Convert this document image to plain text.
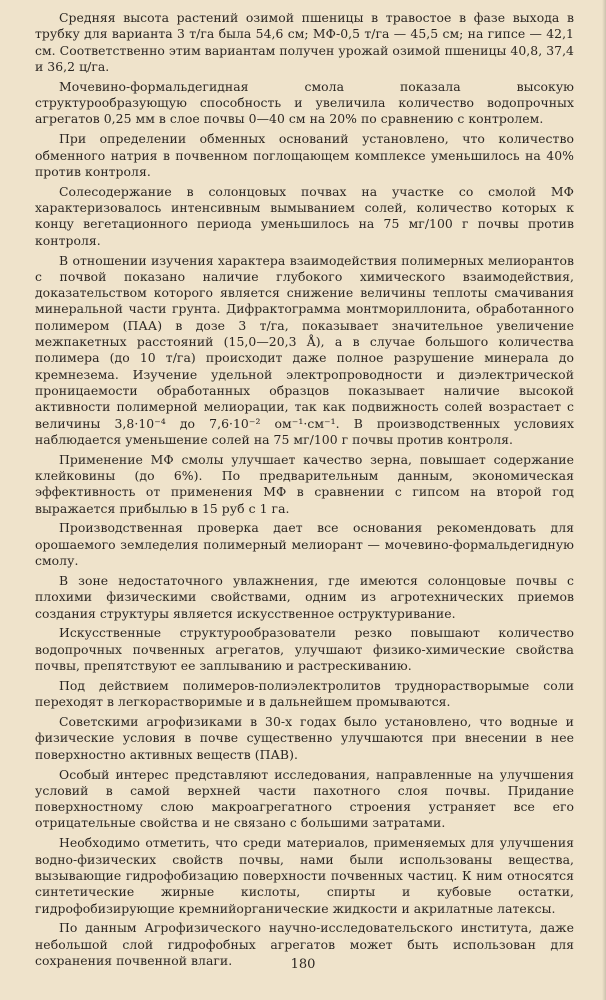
Средняя высота растений озимой пшеницы в травостое в фазе выхода в трубку для варианта 3 т/га была 54,6 см; МФ-0,5 т/га — 45,5 см; на гипсе — 42,1 см. Соответственно этим вариантам получен урожай озимой пшеницы 40,8, 37,4 и 36,2 ц/га.

Мочевино-формальдегидная смола показала высокую структурообразующую способность и увеличила количество водопрочных агрегатов 0,25 мм в слое почвы 0—40 см на 20% по сравнению с контролем.

При определении обменных оснований установлено, что количество обменного натрия в почвенном поглощающем комплексе уменьшилось на 40% против контроля.

Солесодержание в солонцовых почвах на участке со смолой МФ характеризовалось интенсивным вымыванием солей, количество которых к концу вегетационного периода уменьшилось на 75 мг/100 г почвы против контроля.

В отношении изучения характера взаимодействия полимерных мелиорантов с почвой показано наличие глубокого химического взаимодействия, доказательством которого является снижение величины теплоты смачивания минеральной части грунта. Дифрактограмма монтмориллонита, обработанного полимером (ПАА) в дозе 3 т/га, показывает значительное увеличение межпакетных расстояний (15,0—20,3 Å), а в случае большого количества полимера (до 10 т/га) происходит даже полное разрушение минерала до кремнезема. Изучение удельной электропроводности и диэлектрической проницаемости обработанных образцов показывает наличие высокой активности полимерной мелиорации, так как подвижность солей возрастает с величины 3,8·10⁻⁴ до 7,6·10⁻² ом⁻¹·см⁻¹. В производственных условиях наблюдается уменьшение солей на 75 мг/100 г почвы против контроля.

Применение МФ смолы улучшает качество зерна, повышает содержание клейковины (до 6%). По предварительным данным, экономическая эффективность от применения МФ в сравнении с гипсом на второй год выражается прибылью в 15 руб с 1 га.

Производственная проверка дает все основания рекомендовать для орошаемого земледелия полимерный мелиорант — мочевино-формальдегидную смолу.

В зоне недостаточного увлажнения, где имеются солонцовые почвы с плохими физическими свойствами, одним из агротехнических приемов создания структуры является искусственное оструктуривание.

Искусственные структурообразователи резко повышают количество водопрочных почвенных агрегатов, улучшают физико-химические свойства почвы, препятствуют ее заплыванию и растрескиванию.

Под действием полимеров-полиэлектролитов труднорастворымые соли переходят в легкорастворимые и в дальнейшем промываются.

Советскими агрофизиками в 30-х годах было установлено, что водные и физические условия в почве существенно улучшаются при внесении в нее поверхностно активных веществ (ПАВ).

Особый интерес представляют исследования, направленные на улучшения условий в самой верхней части пахотного слоя почвы. Придание поверхностному слою макроагрегатного строения устраняет все его отрицательные свойства и не связано с большими затратами.

Необходимо отметить, что среди материалов, применяемых для улучшения водно-физических свойств почвы, нами были использованы вещества, вызывающие гидрофобизацию поверхности почвенных частиц. К ним относятся синтетические жирные кислоты, спирты и кубовые остатки, гидрофобизирующие кремнийорганические жидкости и акрилатные латексы.

По данным Агрофизического научно-исследовательского института, даже небольшой слой гидрофобных агрегатов может быть использован для сохранения почвенной влаги.	180
